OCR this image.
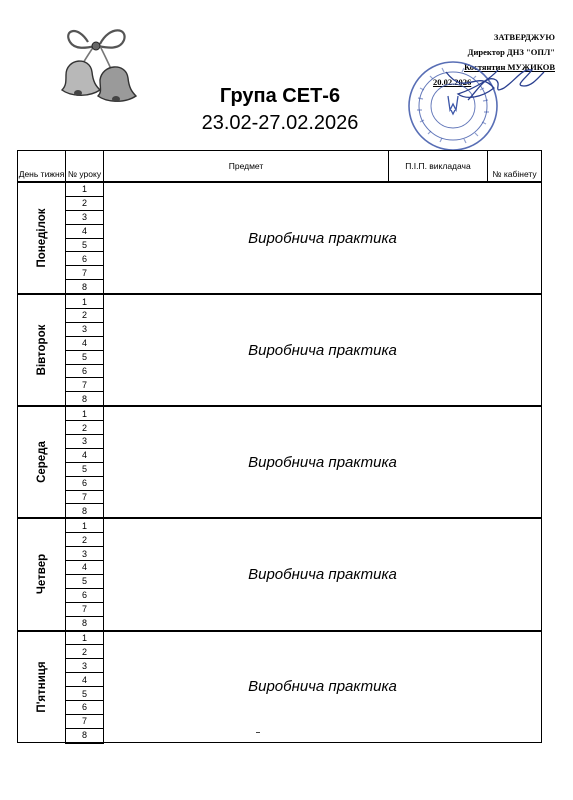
ЗАТВЕРДЖУЮ
Директор ДНЗ "ОПЛ"
Костянтин МУЖИКОВ
20.02.2026
Група СЕТ-6
23.02-27.02.2026
День тижня	№ уроку	Предмет	П.І.П. викладача	№ кабінету

Понеділок	1	Виробнича практика		
	2			
	3			
	4			
	5			
	6			
	7			
	8			

Вівторок	1	Виробнича практика		
	2			
	3			
	4			
	5			
	6			
	7			
	8			

Середа	1	Виробнича практика		
	2			
	3			
	4			
	5			
	6			
	7			
	8			

Четвер	1	Виробнича практика		
	2			
	3			
	4			
	5			
	6			
	7			
	8			

П'ятниця	1	Виробнича практика		
	2			
	3			
	4			
	5			
	6			
	7			
	8			
